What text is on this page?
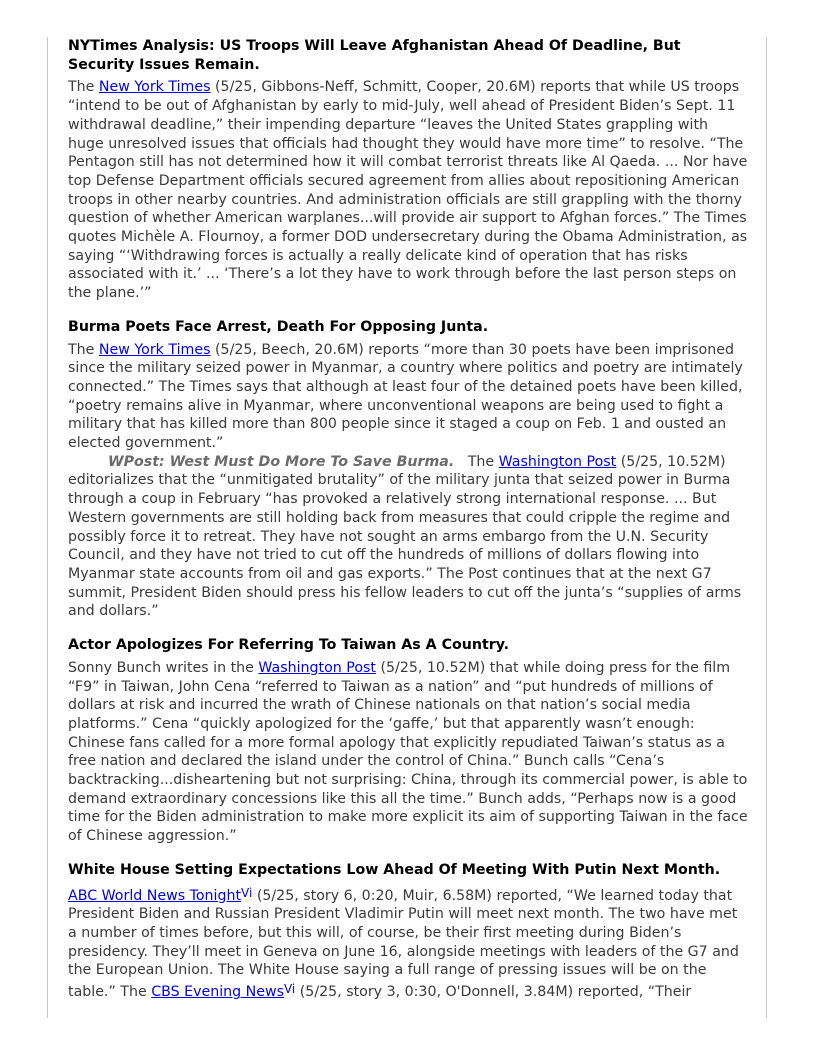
NYTimes Analysis: US Troops Will Leave Afghanistan Ahead Of Deadline, But Security Issues Remain.

The New York Times (5/25, Gibbons-Neff, Schmitt, Cooper, 20.6M) reports that while US troops “intend to be out of Afghanistan by early to mid-July, well ahead of President Biden’s Sept. 11 withdrawal deadline,” their impending departure “leaves the United States grappling with huge unresolved issues that officials had thought they would have more time” to resolve. “The Pentagon still has not determined how it will combat terrorist threats like Al Qaeda. ... Nor have top Defense Department officials secured agreement from allies about repositioning American troops in other nearby countries. And administration officials are still grappling with the thorny question of whether American warplanes...will provide air support to Afghan forces.” The Times quotes Michèle A. Flournoy, a former DOD undersecretary during the Obama Administration, as saying “‘Withdrawing forces is actually a really delicate kind of operation that has risks associated with it.’ ... ‘There’s a lot they have to work through before the last person steps on the plane.’”

Burma Poets Face Arrest, Death For Opposing Junta.

The New York Times (5/25, Beech, 20.6M) reports “more than 30 poets have been imprisoned since the military seized power in Myanmar, a country where politics and poetry are intimately connected.” The Times says that although at least four of the detained poets have been killed, “poetry remains alive in Myanmar, where unconventional weapons are being used to fight a military that has killed more than 800 people since it staged a coup on Feb. 1 and ousted an elected government.”

WPost: West Must Do More To Save Burma.   The Washington Post (5/25, 10.52M) editorializes that the “unmitigated brutality” of the military junta that seized power in Burma through a coup in February “has provoked a relatively strong international response. ... But Western governments are still holding back from measures that could cripple the regime and possibly force it to retreat. They have not sought an arms embargo from the U.N. Security Council, and they have not tried to cut off the hundreds of millions of dollars flowing into Myanmar state accounts from oil and gas exports.” The Post continues that at the next G7 summit, President Biden should press his fellow leaders to cut off the junta’s “supplies of arms and dollars.”

Actor Apologizes For Referring To Taiwan As A Country.

Sonny Bunch writes in the Washington Post (5/25, 10.52M) that while doing press for the film “F9” in Taiwan, John Cena “referred to Taiwan as a nation” and “put hundreds of millions of dollars at risk and incurred the wrath of Chinese nationals on that nation’s social media platforms.” Cena “quickly apologized for the ‘gaffe,’ but that apparently wasn’t enough: Chinese fans called for a more formal apology that explicitly repudiated Taiwan’s status as a free nation and declared the island under the control of China.” Bunch calls “Cena’s backtracking...disheartening but not surprising: China, through its commercial power, is able to demand extraordinary concessions like this all the time.” Bunch adds, “Perhaps now is a good time for the Biden administration to make more explicit its aim of supporting Taiwan in the face of Chinese aggression.”

White House Setting Expectations Low Ahead Of Meeting With Putin Next Month.

ABC World News Tonight$^{Vi}$ (5/25, story 6, 0:20, Muir, 6.58M) reported, “We learned today that President Biden and Russian President Vladimir Putin will meet next month. The two have met a number of times before, but this will, of course, be their first meeting during Biden’s presidency. They’ll meet in Geneva on June 16, alongside meetings with leaders of the G7 and the European Union. The White House saying a full range of pressing issues will be on the table.” The CBS Evening News$^{Vi}$ (5/25, story 3, 0:30, O'Donnell, 3.84M) reported, “Their
